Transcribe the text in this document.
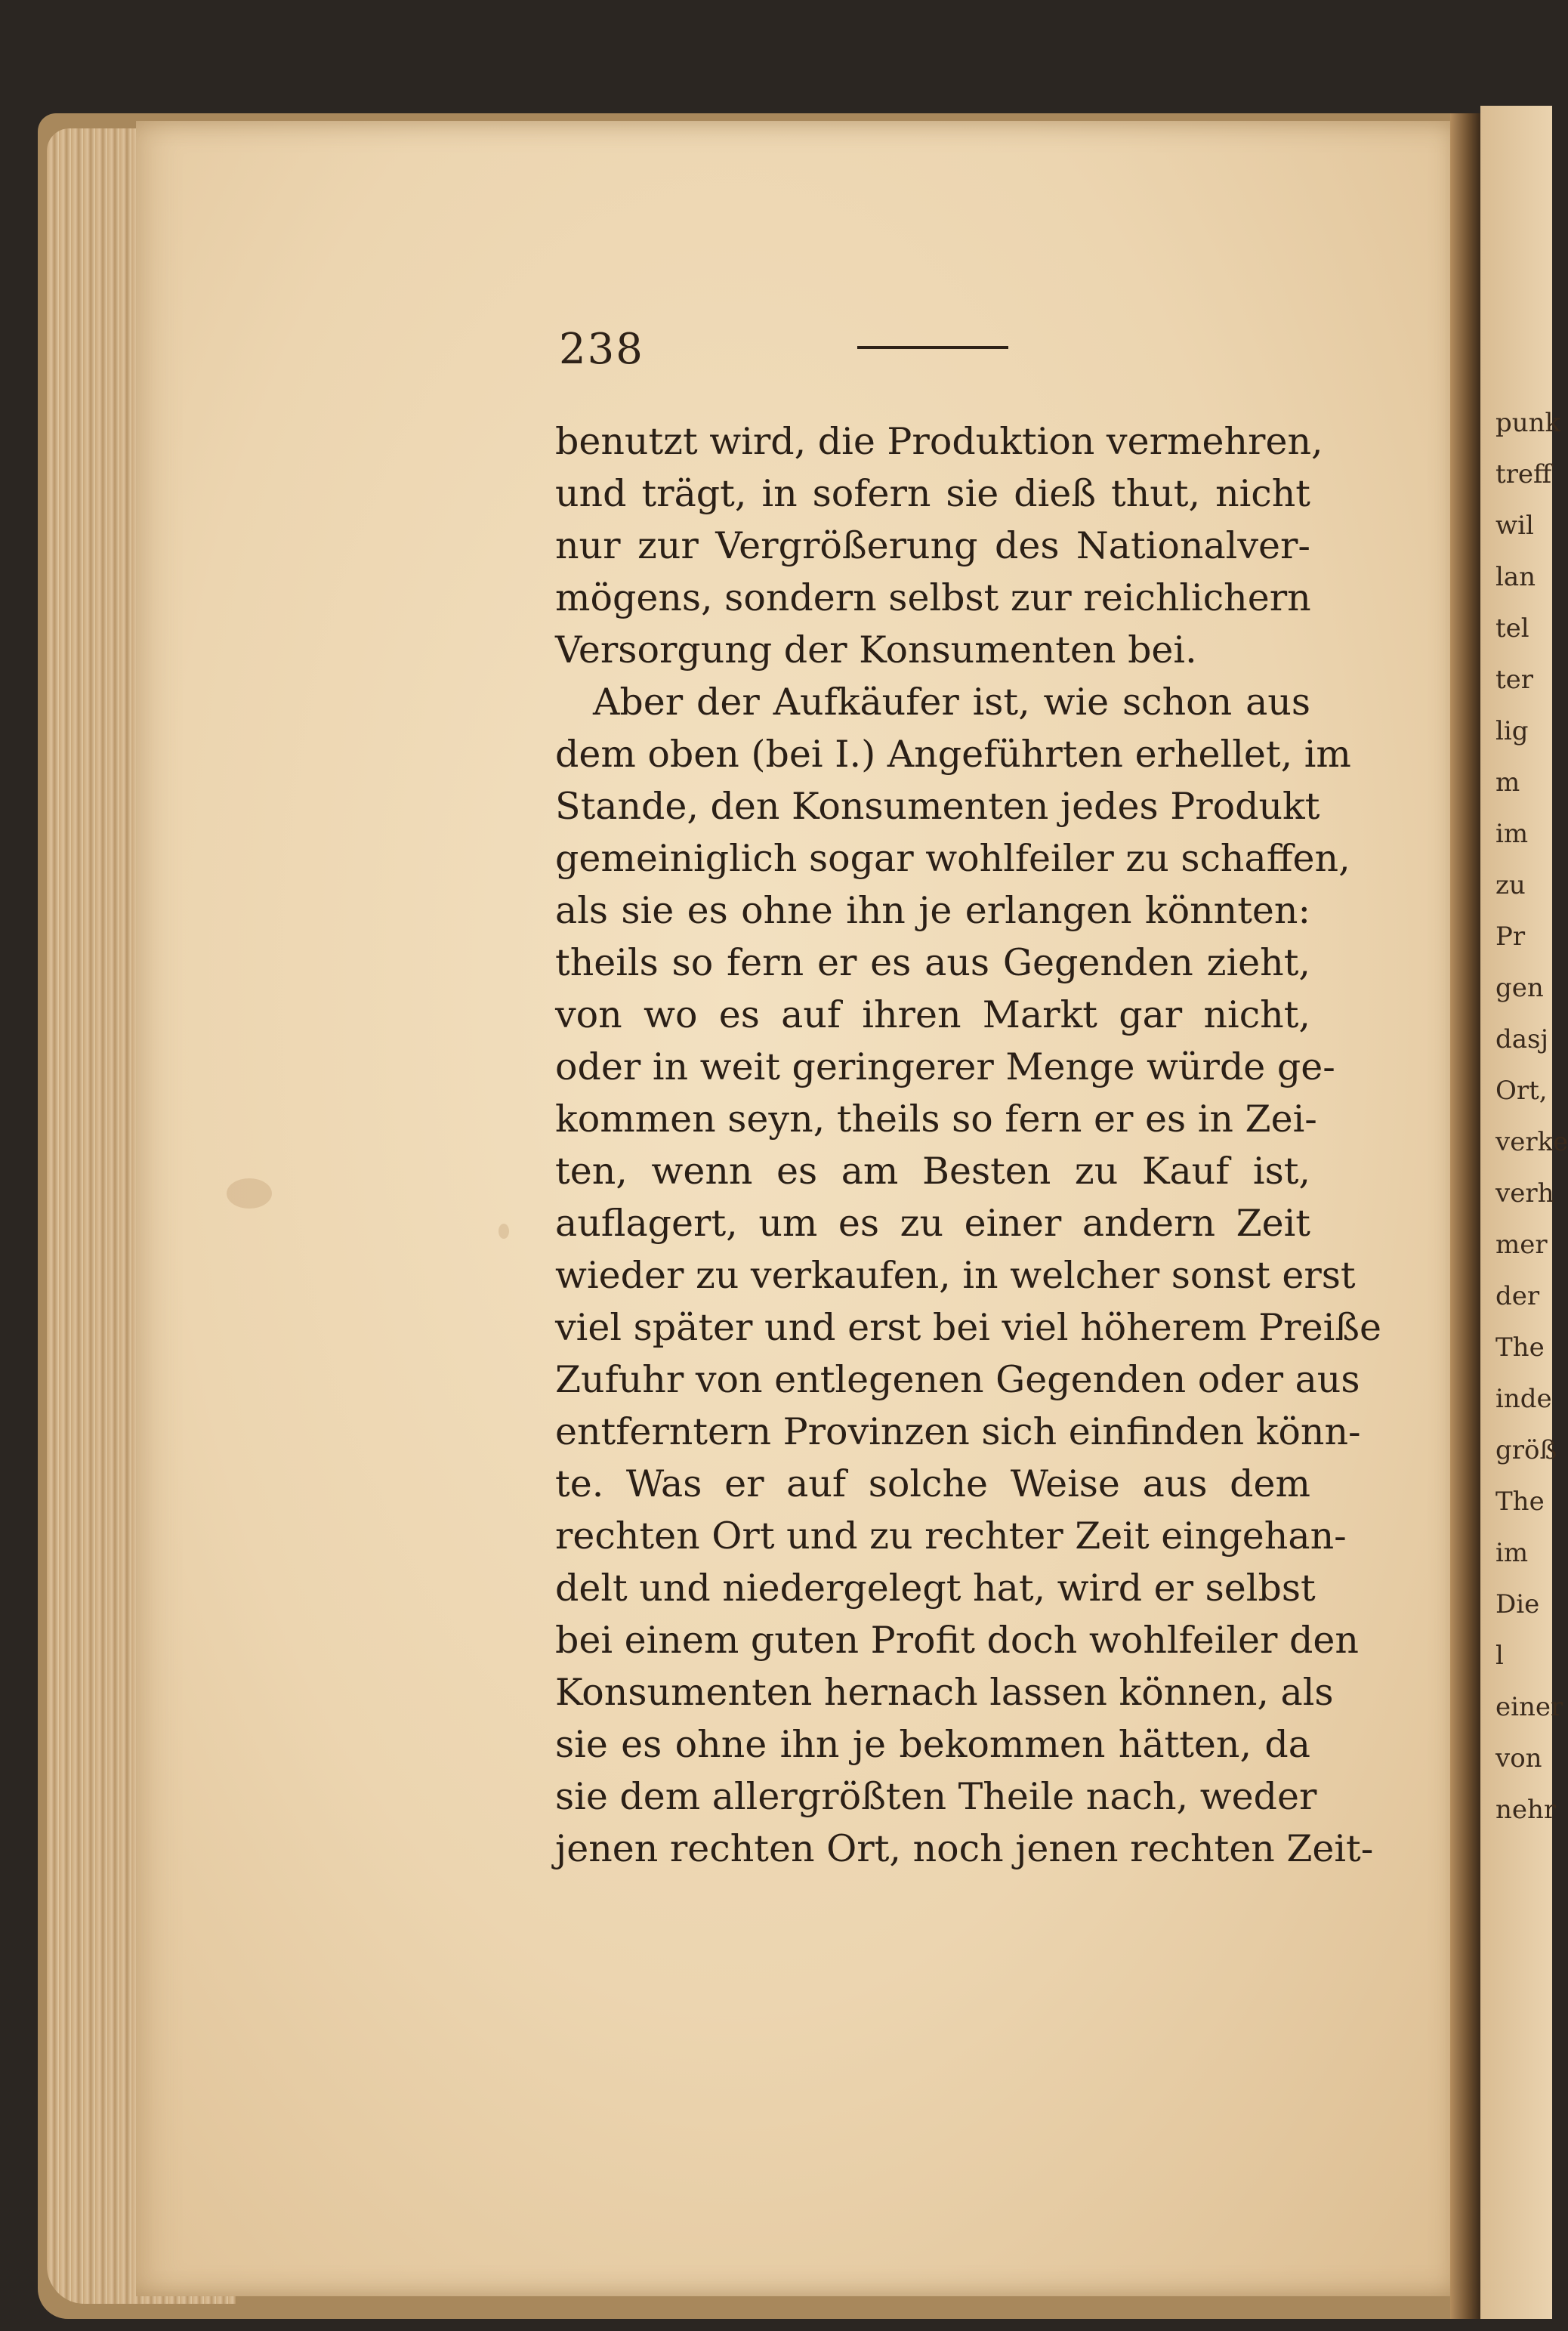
punk
treff
wil
lan
tel
ter
lig
m
im
zu
Pr
gen
dasj
Ort,
verke
verh
mer
der
The
inde
größ
The
im
Die
l
einer
von
nehr
238
benutzt wird, die Produktion vermehren,
und trägt, in sofern sie dieß thut, nicht
nur zur Vergrößerung des Nationalver-
mögens, sondern selbst zur reichlichern
Versorgung der Konsumenten bei.
Aber der Aufkäufer ist, wie schon aus
dem oben (bei I.) Angeführten erhellet, im
Stande, den Konsumenten jedes Produkt
gemeiniglich sogar wohlfeiler zu schaffen,
als sie es ohne ihn je erlangen könnten:
theils so fern er es aus Gegenden zieht,
von wo es auf ihren Markt gar nicht,
oder in weit geringerer Menge würde ge-
kommen seyn, theils so fern er es in Zei-
ten, wenn es am Besten zu Kauf ist,
auflagert, um es zu einer andern Zeit
wieder zu verkaufen, in welcher sonst erst
viel später und erst bei viel höherem Preiße
Zufuhr von entlegenen Gegenden oder aus
entferntern Provinzen sich einfinden könn-
te. Was er auf solche Weise aus dem
rechten Ort und zu rechter Zeit eingehan-
delt und niedergelegt hat, wird er selbst
bei einem guten Profit doch wohlfeiler den
Konsumenten hernach lassen können, als
sie es ohne ihn je bekommen hätten, da
sie dem allergrößten Theile nach, weder
jenen rechten Ort, noch jenen rechten Zeit-
